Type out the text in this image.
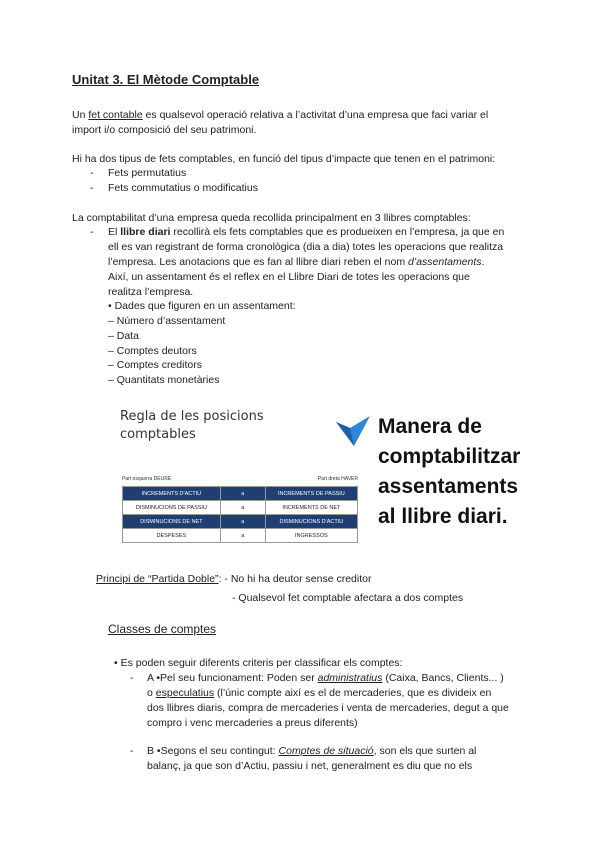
Unitat 3. El Mètode Comptable
Un fet contable es qualsevol operació relativa a l’activitat d’una empresa que faci variar el
import i/o composició del seu patrimoni.
Hi ha dos tipus de fets comptables, en funció del tipus d’impacte que tenen en el patrimoni:
- Fets permutatius
- Fets commutatius o modificatius
La comptabilitat d’una empresa queda recollida principalment en 3 llibres comptables:
- El llibre diari recollirà els fets comptables que es produeixen en l’empresa, ja que en
ell es van registrant de forma cronològica (dia a dia) totes les operacions que realitza
l’empresa. Les anotacions que es fan al llibre diari reben el nom d’assentaments.
Així, un assentament és el reflex en el Llibre Diari de totes les operacions que
realitza l’empresa.
• Dades que figuren en un assentament:
– Número d’assentament
– Data
– Comptes deutors
– Comptes creditors
– Quantitats monetàries
Regla de les posicions
comptables
Part esquerra DEURE	Part dreta HAVER
INCREMENTS D'ACTIU	a	INCREMENTS DE PASSIU
DISMINUCIONS DE PASSIU	a	INCREMENTS DE NET
DISMINUCIONS DE NET	a	DISMINUCIONS D'ACTIU
DESPESES	a	INGRESSOS
Manera de
comptabilitzar
assentaments
al llibre diari.
Principi de “Partida Doble”: - No hi ha deutor sense creditor
- Qualsevol fet comptable afectara a dos comptes
Classes de comptes
• Es poden seguir diferents criteris per classificar els comptes:
- A •Pel seu funcionament: Poden ser administratius (Caixa, Bancs, Clients... )
o especulatius (l’únic compte així es el de mercaderies, que es divideix en
dos llibres diaris, compra de mercaderies i venta de mercaderies, degut a que
compro i venc mercaderies a preus diferents)
- B •Segons el seu contingut: Comptes de situació, son els que surten al
balanç, ja que son d’Actiu, passiu i net, generalment es diu que no els
